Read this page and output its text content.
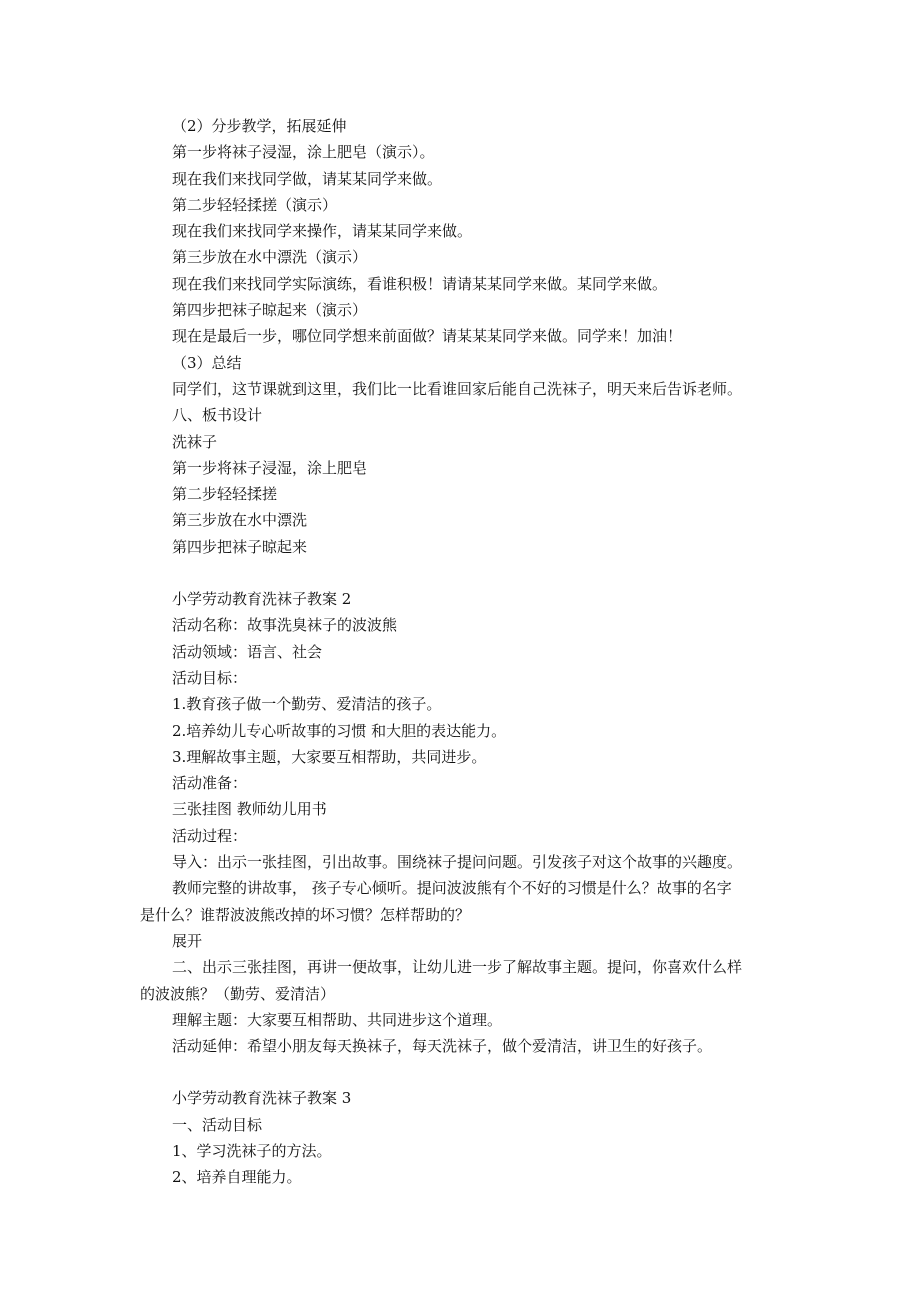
（2）分步教学，拓展延伸
第一步将袜子浸湿，涂上肥皂（演示）。
现在我们来找同学做，请某某同学来做。
第二步轻轻揉搓（演示）
现在我们来找同学来操作，请某某同学来做。
第三步放在水中漂洗（演示）
现在我们来找同学实际演练，看谁积极！请请某某同学来做。某同学来做。
第四步把袜子晾起来（演示）
现在是最后一步，哪位同学想来前面做？请某某某同学来做。同学来！加油！
（3）总结
同学们，这节课就到这里，我们比一比看谁回家后能自己洗袜子，明天来后告诉老师。
八、板书设计
洗袜子
第一步将袜子浸湿，涂上肥皂
第二步轻轻揉搓
第三步放在水中漂洗
第四步把袜子晾起来
小学劳动教育洗袜子教案 2
活动名称：故事洗臭袜子的波波熊
活动领域：语言、社会
活动目标：
1.教育孩子做一个勤劳、爱清洁的孩子。
2.培养幼儿专心听故事的习惯 和大胆的表达能力。
3.理解故事主题，大家要互相帮助，共同进步。
活动准备：
三张挂图 教师幼儿用书
活动过程：
导入：出示一张挂图，引出故事。围绕袜子提问问题。引发孩子对这个故事的兴趣度。
教师完整的讲故事， 孩子专心倾听。提问波波熊有个不好的习惯是什么？故事的名字
是什么？谁帮波波熊改掉的坏习惯？怎样帮助的？
展开
二、出示三张挂图，再讲一便故事，让幼儿进一步了解故事主题。提问，你喜欢什么样
的波波熊？（勤劳、爱清洁）
理解主题：大家要互相帮助、共同进步这个道理。
活动延伸：希望小朋友每天换袜子，每天洗袜子，做个爱清洁，讲卫生的好孩子。
小学劳动教育洗袜子教案 3
一、活动目标
1、学习洗袜子的方法。
2、培养自理能力。
